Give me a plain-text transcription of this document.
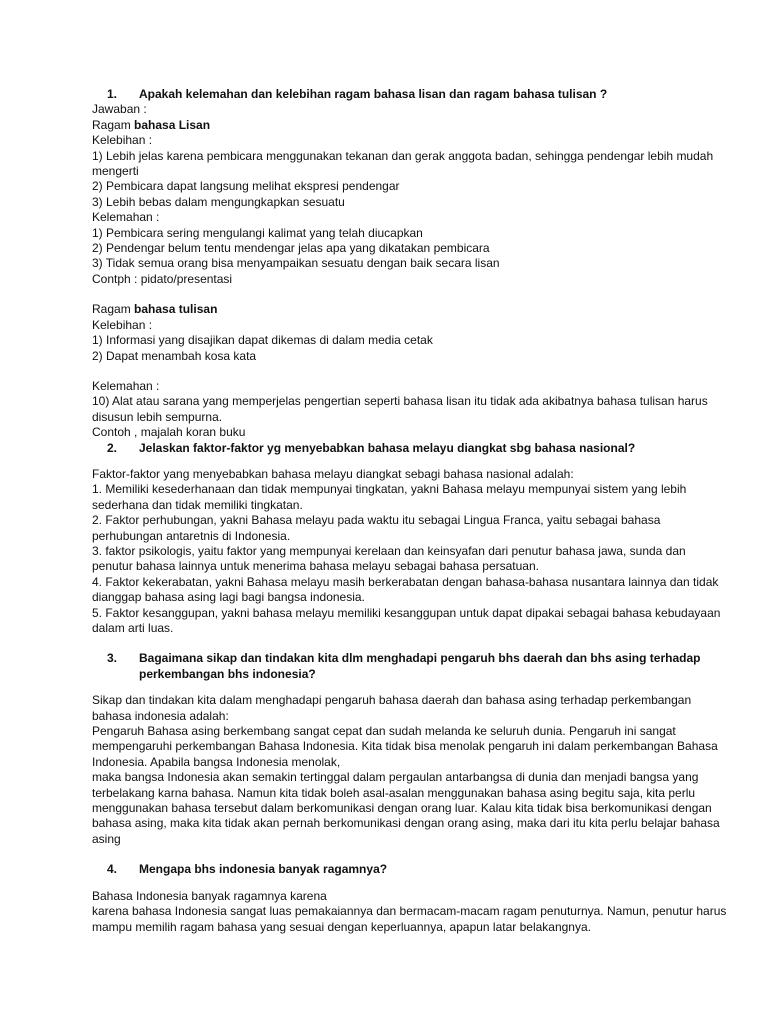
1.	Apakah kelemahan dan kelebihan ragam bahasa lisan dan ragam bahasa tulisan ?

Jawaban :

Ragam bahasa Lisan

Kelebihan :

1) Lebih jelas karena pembicara menggunakan tekanan dan gerak anggota badan, sehingga pendengar lebih mudah mengerti

2) Pembicara dapat langsung melihat ekspresi pendengar

3) Lebih bebas dalam mengungkapkan sesuatu

Kelemahan :

1) Pembicara sering mengulangi kalimat yang telah diucapkan

2) Pendengar belum tentu mendengar jelas apa yang dikatakan pembicara

3) Tidak semua orang bisa menyampaikan sesuatu dengan baik secara lisan

Contph : pidato/presentasi

Ragam bahasa tulisan

Kelebihan :

1) Informasi yang disajikan dapat dikemas di dalam media cetak

2) Dapat menambah kosa kata

Kelemahan :

10) Alat atau sarana yang memperjelas pengertian seperti bahasa lisan itu tidak ada akibatnya bahasa tulisan harus disusun lebih sempurna.

Contoh , majalah koran buku

2.	Jelaskan faktor-faktor yg menyebabkan bahasa melayu diangkat sbg bahasa nasional?

Faktor-faktor yang menyebabkan bahasa melayu diangkat sebagi bahasa nasional adalah:

1. Memiliki kesederhanaan dan tidak mempunyai tingkatan, yakni Bahasa melayu mempunyai sistem yang lebih sederhana dan tidak memiliki tingkatan.

2. Faktor perhubungan, yakni Bahasa melayu pada waktu itu sebagai Lingua Franca, yaitu sebagai bahasa perhubungan antaretnis di Indonesia.

3. faktor psikologis, yaitu faktor yang mempunyai kerelaan dan keinsyafan dari penutur bahasa jawa, sunda dan penutur bahasa lainnya untuk menerima bahasa melayu sebagai bahasa persatuan.

4. Faktor kekerabatan, yakni Bahasa melayu masih berkerabatan dengan bahasa-bahasa nusantara lainnya dan tidak dianggap bahasa asing lagi bagi bangsa indonesia.

5. Faktor kesanggupan, yakni bahasa melayu memiliki kesanggupan untuk dapat dipakai sebagai bahasa kebudayaan dalam arti luas.

3.	Bagaimana sikap dan tindakan kita dlm menghadapi pengaruh bhs daerah dan bhs asing terhadap perkembangan bhs indonesia?

Sikap dan tindakan kita dalam menghadapi pengaruh bahasa daerah dan bahasa asing terhadap perkembangan bahasa indonesia adalah:

Pengaruh Bahasa asing berkembang sangat cepat dan sudah melanda ke seluruh dunia. Pengaruh ini sangat mempengaruhi perkembangan Bahasa Indonesia. Kita tidak bisa menolak pengaruh ini dalam perkembangan Bahasa Indonesia. Apabila bangsa Indonesia menolak,

maka bangsa Indonesia akan semakin tertinggal dalam pergaulan antarbangsa di dunia dan menjadi bangsa yang terbelakang karna bahasa. Namun kita tidak boleh asal-asalan menggunakan bahasa asing begitu saja, kita perlu menggunakan bahasa tersebut dalam berkomunikasi dengan orang luar. Kalau kita tidak bisa berkomunikasi dengan bahasa asing, maka kita tidak akan pernah berkomunikasi dengan orang asing, maka dari itu kita perlu belajar bahasa asing

4.	Mengapa bhs indonesia banyak ragamnya?

Bahasa Indonesia banyak ragamnya karena

karena bahasa Indonesia sangat luas pemakaiannya dan bermacam-macam ragam penuturnya. Namun, penutur harus mampu memilih ragam bahasa yang sesuai dengan keperluannya, apapun latar belakangnya.
